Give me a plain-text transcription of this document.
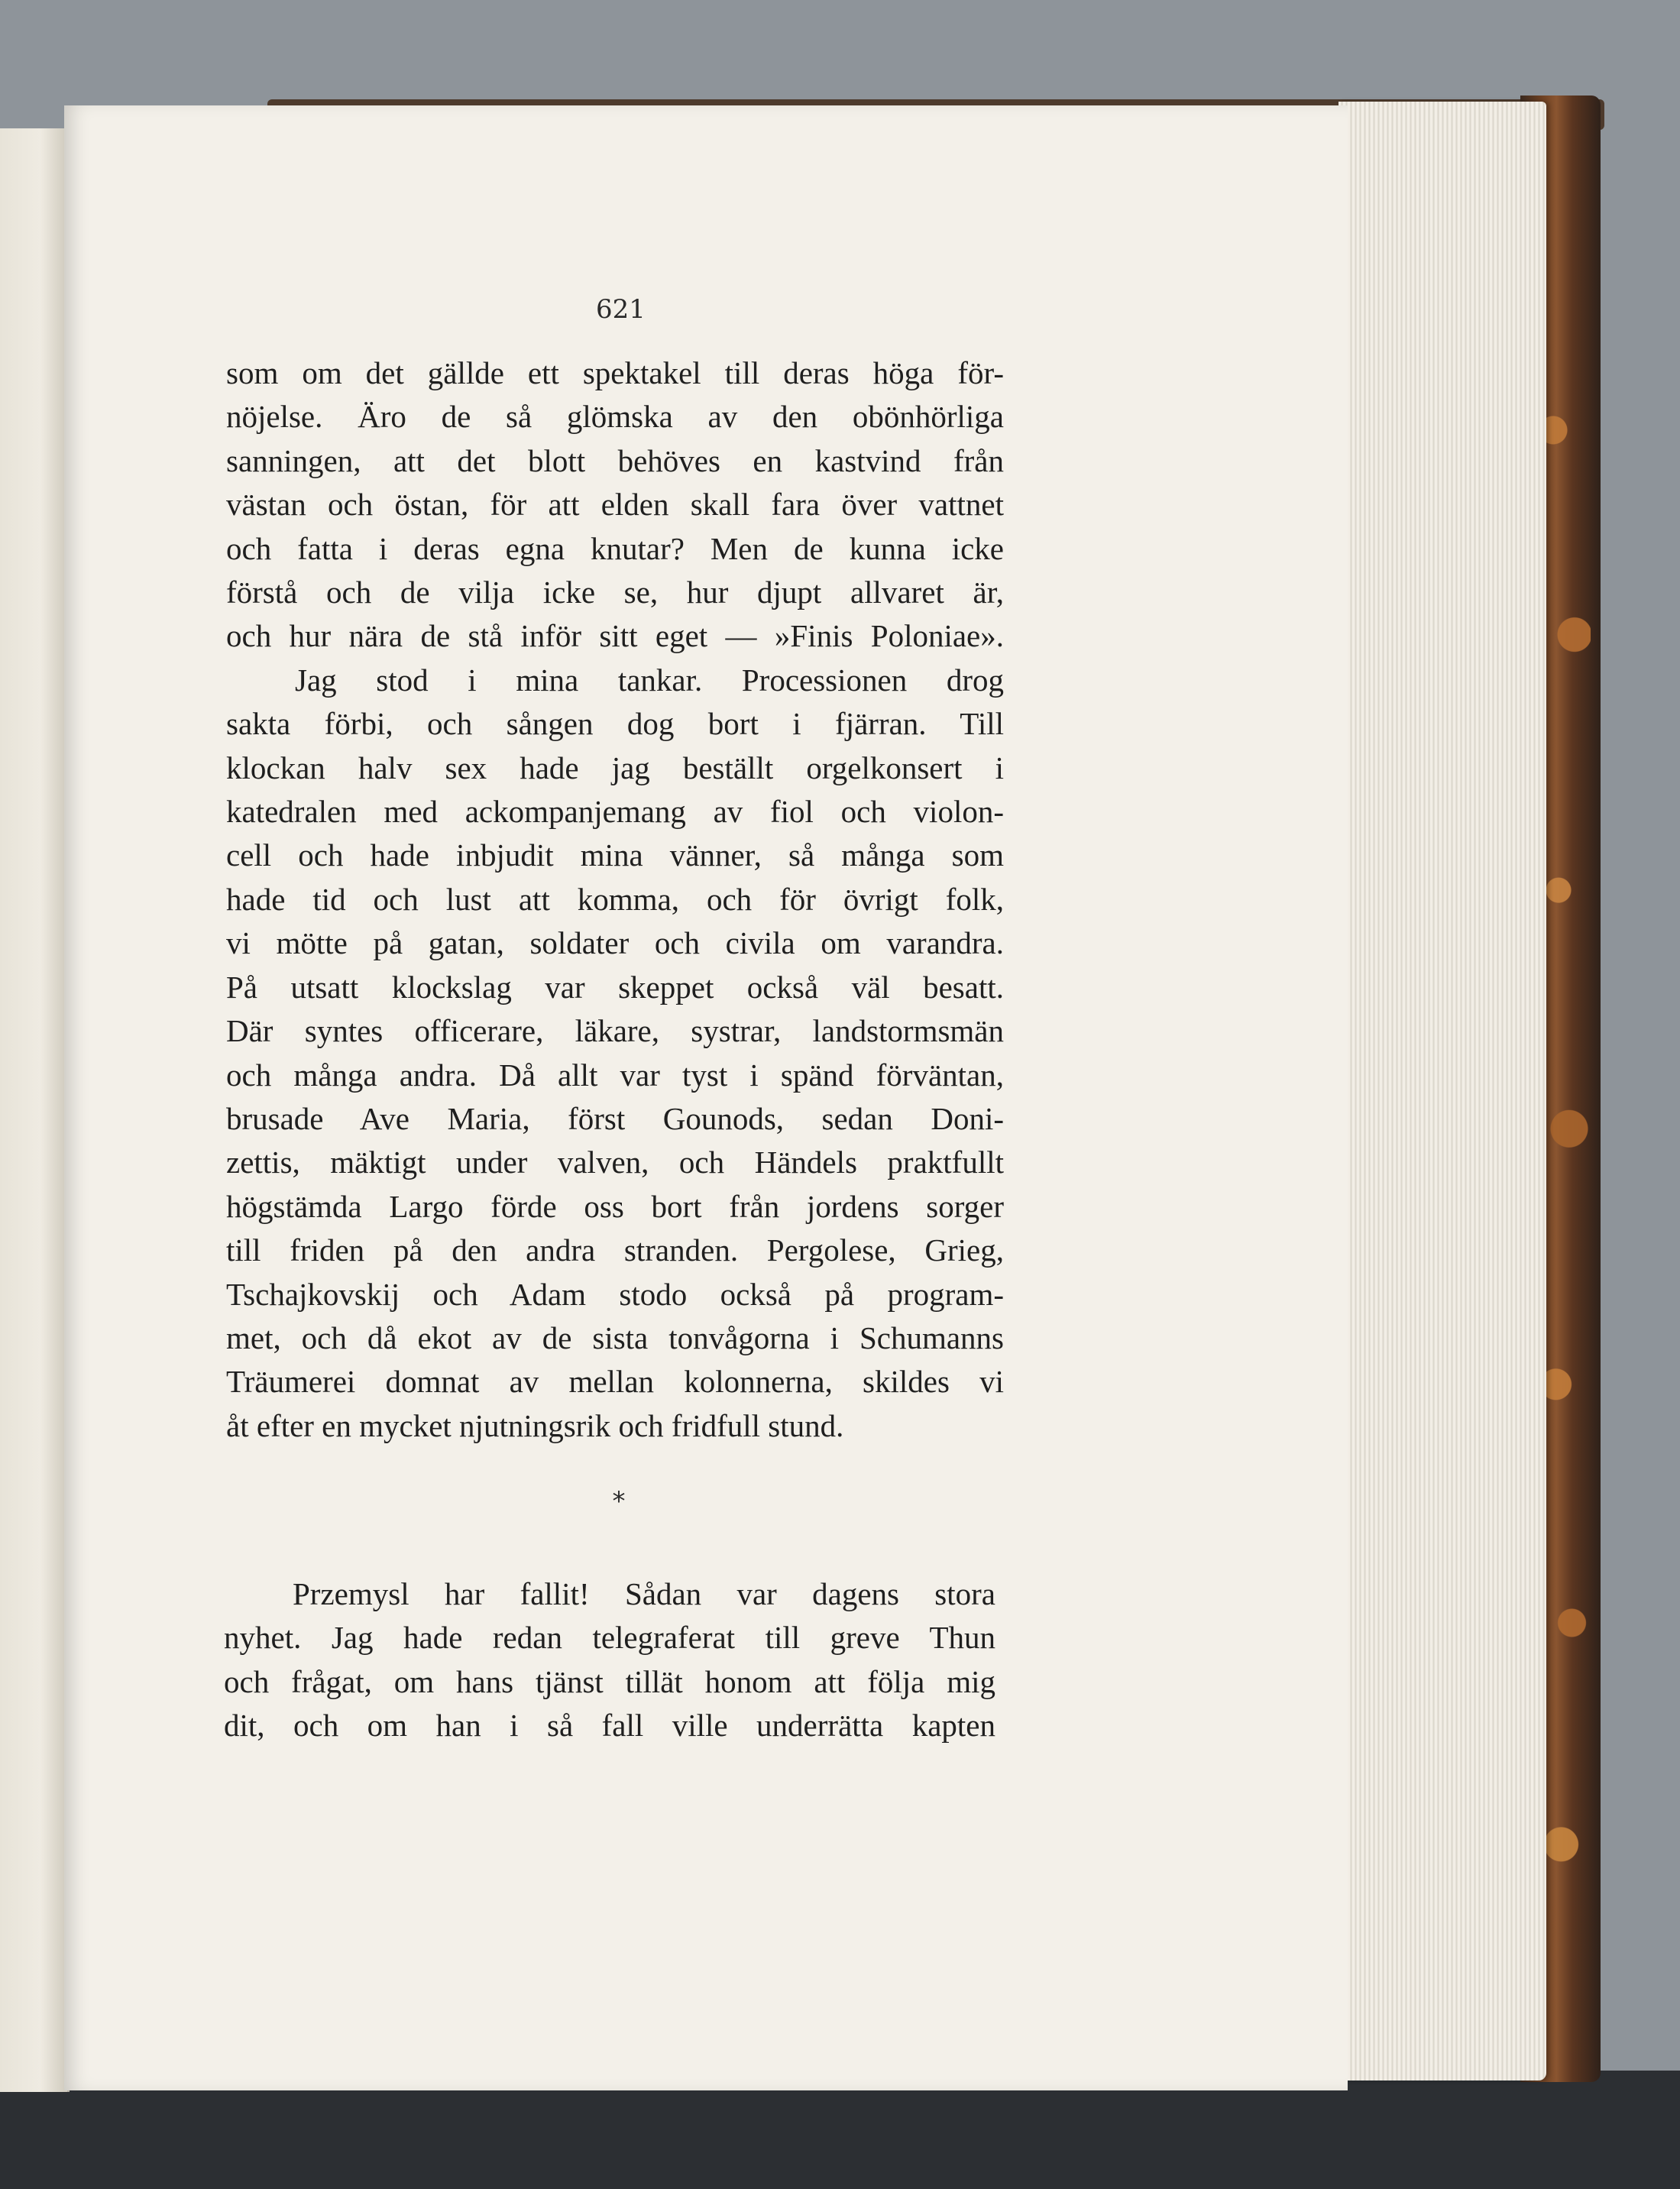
621
som om det gällde ett spektakel till deras höga för-
nöjelse. Äro de så glömska av den obönhörliga
sanningen, att det blott behöves en kastvind från
västan och östan, för att elden skall fara över vattnet
och fatta i deras egna knutar? Men de kunna icke
förstå och de vilja icke se, hur djupt allvaret är,
och hur nära de stå inför sitt eget — »Finis Poloniae».
Jag stod i mina tankar. Processionen drog
sakta förbi, och sången dog bort i fjärran. Till
klockan halv sex hade jag beställt orgelkonsert i
katedralen med ackompanjemang av fiol och violon-
cell och hade inbjudit mina vänner, så många som
hade tid och lust att komma, och för övrigt folk,
vi mötte på gatan, soldater och civila om varandra.
På utsatt klockslag var skeppet också väl besatt.
Där syntes officerare, läkare, systrar, landstormsmän
och många andra. Då allt var tyst i spänd förväntan,
brusade Ave Maria, först Gounods, sedan Doni-
zettis, mäktigt under valven, och Händels praktfullt
högstämda Largo förde oss bort från jordens sorger
till friden på den andra stranden. Pergolese, Grieg,
Tschajkovskij och Adam stodo också på program-
met, och då ekot av de sista tonvågorna i Schumanns
Träumerei domnat av mellan kolonnerna, skildes vi
åt efter en mycket njutningsrik och fridfull stund.
*
Przemysl har fallit! Sådan var dagens stora
nyhet. Jag hade redan telegraferat till greve Thun
och frågat, om hans tjänst tillät honom att följa mig
dit, och om han i så fall ville underrätta kapten
